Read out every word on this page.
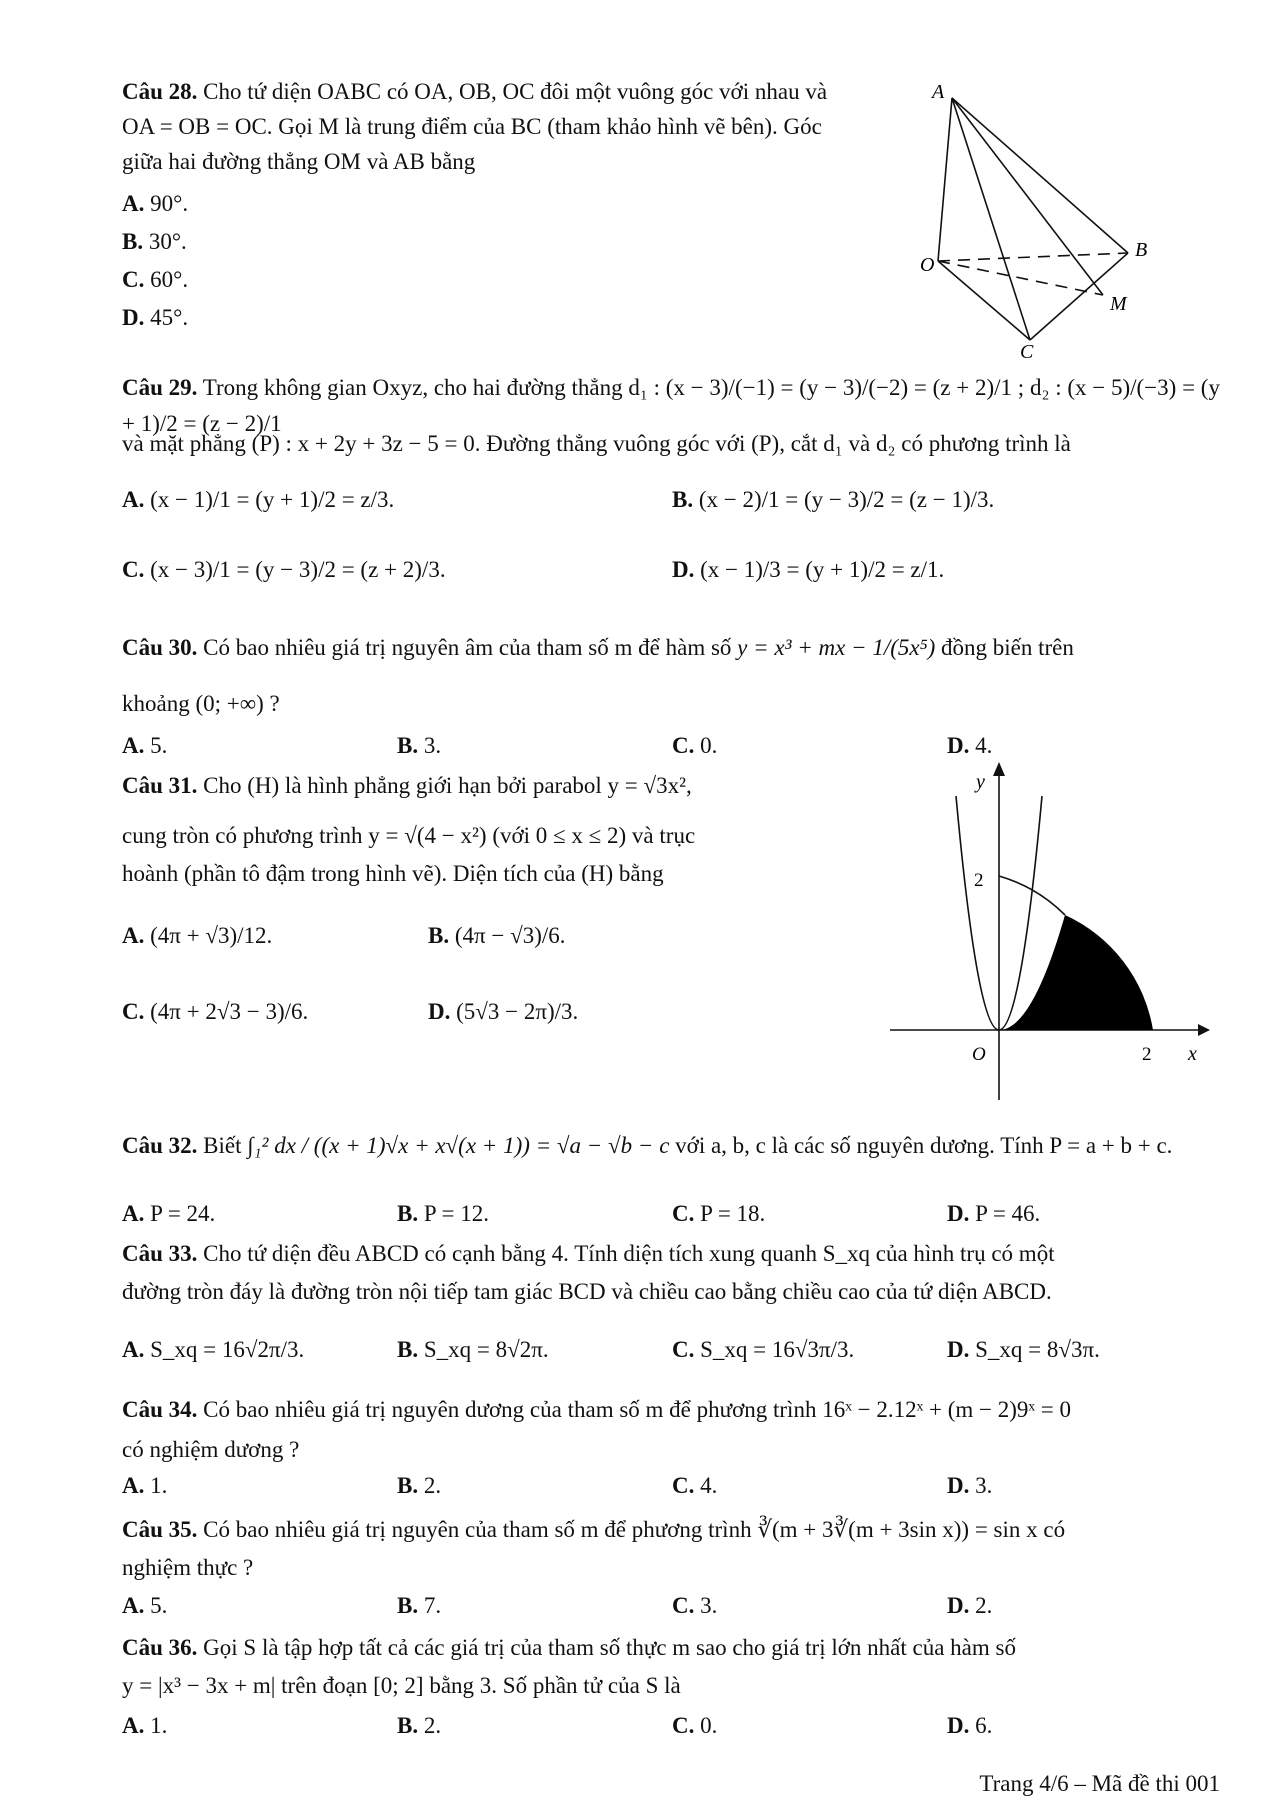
Câu 28. Cho tứ diện OABC có OA, OB, OC đôi một vuông góc với nhau và OA = OB = OC. Gọi M là trung điểm của BC (tham khảo hình vẽ bên). Góc giữa hai đường thẳng OM và AB bằng
A. 90°.
B. 30°.
C. 60°.
D. 45°.
A
B
O
M
C
Câu 29. Trong không gian Oxyz, cho hai đường thẳng d₁ : (x − 3)/(−1) = (y − 3)/(−2) = (z + 2)/1 ; d₂ : (x − 5)/(−3) = (y + 1)/2 = (z − 2)/1
và mặt phẳng (P) : x + 2y + 3z − 5 = 0. Đường thẳng vuông góc với (P), cắt d₁ và d₂ có phương trình là
A. (x − 1)/1 = (y + 1)/2 = z/3.	B. (x − 2)/1 = (y − 3)/2 = (z − 1)/3.
C. (x − 3)/1 = (y − 3)/2 = (z + 2)/3.	D. (x − 1)/3 = (y + 1)/2 = z/1.
Câu 30. Có bao nhiêu giá trị nguyên âm của tham số m để hàm số y = x³ + mx − 1/(5x⁵) đồng biến trên
khoảng (0; +∞) ?
A. 5.	B. 3.	C. 0.	D. 4.
Câu 31. Cho (H) là hình phẳng giới hạn bởi parabol y = √3x²,
cung tròn có phương trình y = √(4 − x²) (với 0 ≤ x ≤ 2) và trục
hoành (phần tô đậm trong hình vẽ). Diện tích của (H) bằng
A. (4π + √3)/12.	B. (4π − √3)/6.
C. (4π + 2√3 − 3)/6.	D. (5√3 − 2π)/3.
y
x
2
2
O
Câu 32. Biết ∫₁² dx / ((x + 1)√x + x√(x + 1)) = √a − √b − c với a, b, c là các số nguyên dương. Tính P = a + b + c.
A. P = 24.	B. P = 12.	C. P = 18.	D. P = 46.
Câu 33. Cho tứ diện đều ABCD có cạnh bằng 4. Tính diện tích xung quanh S_xq của hình trụ có một
đường tròn đáy là đường tròn nội tiếp tam giác BCD và chiều cao bằng chiều cao của tứ diện ABCD.
A. S_xq = 16√2π/3.	B. S_xq = 8√2π.	C. S_xq = 16√3π/3.	D. S_xq = 8√3π.
Câu 34. Có bao nhiêu giá trị nguyên dương của tham số m để phương trình 16ˣ − 2.12ˣ + (m − 2)9ˣ = 0
có nghiệm dương ?
A. 1.	B. 2.	C. 4.	D. 3.
Câu 35. Có bao nhiêu giá trị nguyên của tham số m để phương trình ∛(m + 3∛(m + 3sin x)) = sin x có
nghiệm thực ?
A. 5.	B. 7.	C. 3.	D. 2.
Câu 36. Gọi S là tập hợp tất cả các giá trị của tham số thực m sao cho giá trị lớn nhất của hàm số
y = |x³ − 3x + m| trên đoạn [0; 2] bằng 3. Số phần tử của S là
A. 1.	B. 2.	C. 0.	D. 6.
Trang 4/6 – Mã đề thi 001
